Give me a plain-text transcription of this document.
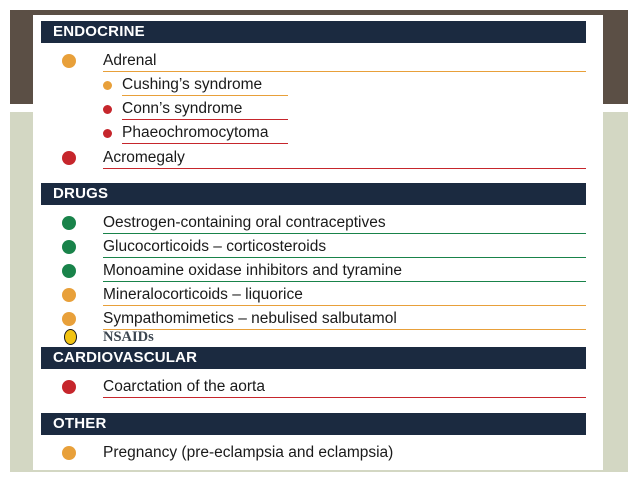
ENDOCRINE
Adrenal
Cushing’s syndrome
Conn’s syndrome
Phaeochromocytoma
Acromegaly
DRUGS
Oestrogen-containing oral contraceptives
Glucocorticoids – corticosteroids
Monoamine oxidase inhibitors and tyramine
Mineralocorticoids – liquorice
Sympathomimetics – nebulised salbutamol
NSAIDs
CARDIOVASCULAR
Coarctation of the aorta
OTHER
Pregnancy (pre-eclampsia and eclampsia)
